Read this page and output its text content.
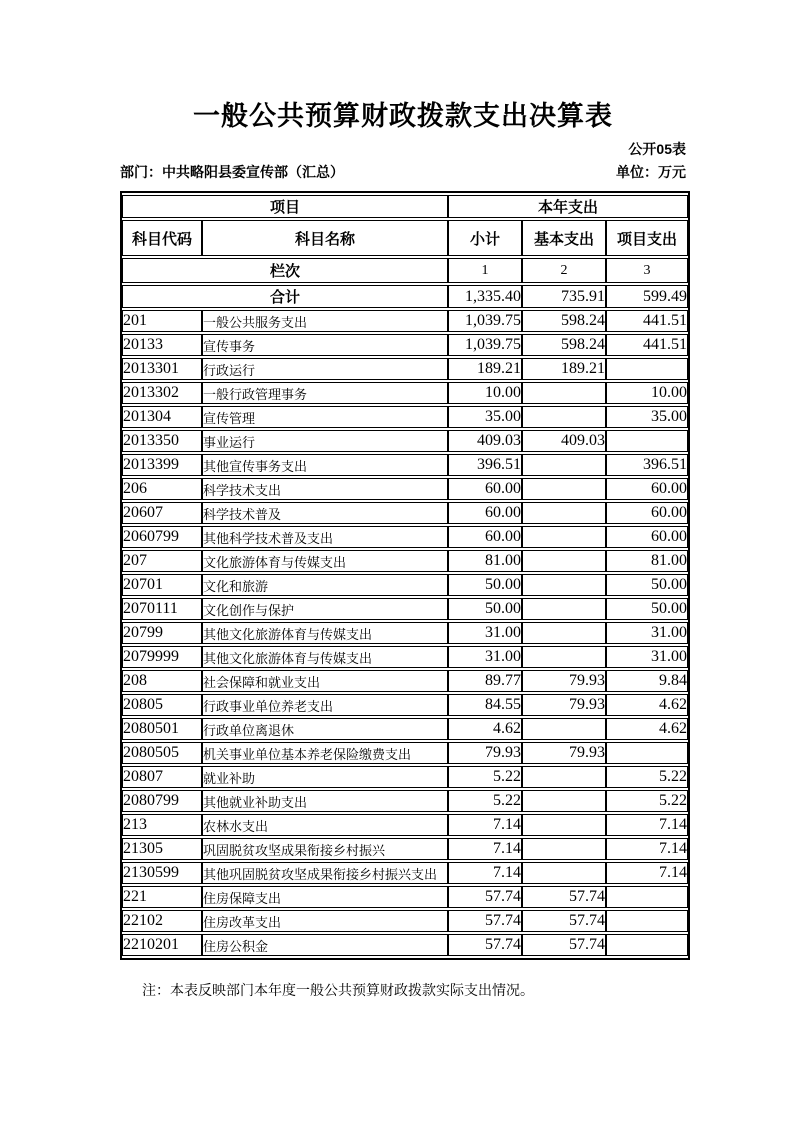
一般公共预算财政拨款支出决算表
公开05表
部门：中共略阳县委宣传部（汇总）	单位：万元
项目		本年支出		
科目代码	科目名称	小计	基本支出	项目支出
栏次		1	2	3
合计		1,335.40	735.91	599.49
201	一般公共服务支出	1,039.75	598.24	441.51
20133	宣传事务	1,039.75	598.24	441.51
2013301	行政运行	189.21	189.21	
2013302	一般行政管理事务	10.00		10.00
201304	宣传管理	35.00		35.00
2013350	事业运行	409.03	409.03	
2013399	其他宣传事务支出	396.51		396.51
206	科学技术支出	60.00		60.00
20607	科学技术普及	60.00		60.00
2060799	其他科学技术普及支出	60.00		60.00
207	文化旅游体育与传媒支出	81.00		81.00
20701	文化和旅游	50.00		50.00
2070111	文化创作与保护	50.00		50.00
20799	其他文化旅游体育与传媒支出	31.00		31.00
2079999	其他文化旅游体育与传媒支出	31.00		31.00
208	社会保障和就业支出	89.77	79.93	9.84
20805	行政事业单位养老支出	84.55	79.93	4.62
2080501	行政单位离退休	4.62		4.62
2080505	机关事业单位基本养老保险缴费支出	79.93	79.93	
20807	就业补助	5.22		5.22
2080799	其他就业补助支出	5.22		5.22
213	农林水支出	7.14		7.14
21305	巩固脱贫攻坚成果衔接乡村振兴	7.14		7.14
2130599	其他巩固脱贫攻坚成果衔接乡村振兴支出	7.14		7.14
221	住房保障支出	57.74	57.74	
22102	住房改革支出	57.74	57.74	
2210201	住房公积金	57.74	57.74	
注：本表反映部门本年度一般公共预算财政拨款实际支出情况。
